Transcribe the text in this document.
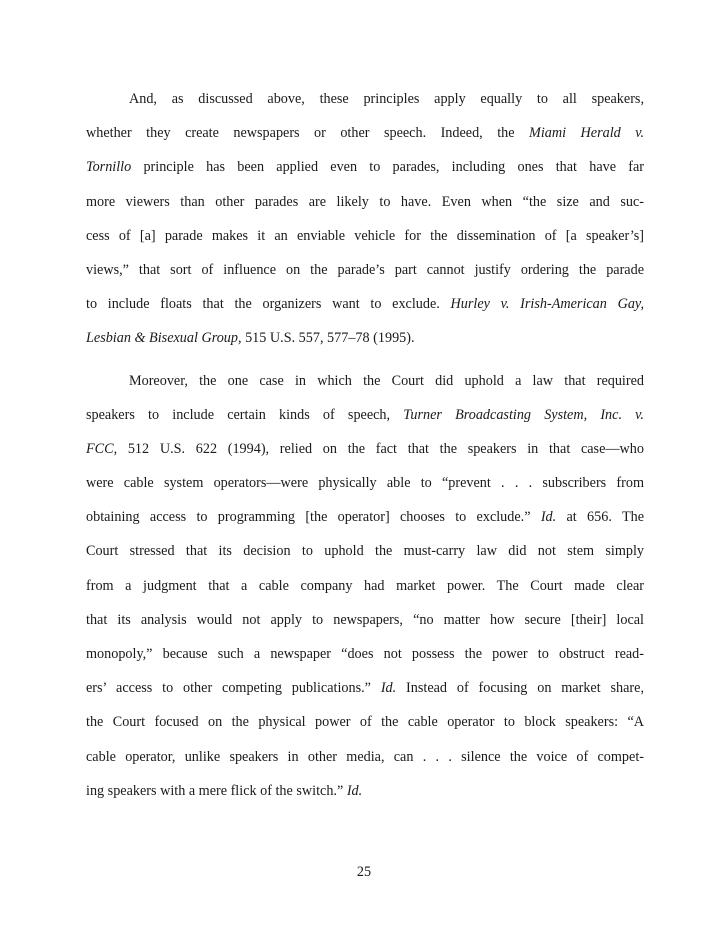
And, as discussed above, these principles apply equally to all speakers,
whether they create newspapers or other speech. Indeed, the Miami Herald v.
Tornillo principle has been applied even to parades, including ones that have far
more viewers than other parades are likely to have. Even when “the size and suc-
cess of [a] parade makes it an enviable vehicle for the dissemination of [a speaker’s]
views,” that sort of influence on the parade’s part cannot justify ordering the parade
to include floats that the organizers want to exclude. Hurley v. Irish-American Gay,
Lesbian & Bisexual Group, 515 U.S. 557, 577–78 (1995).
Moreover, the one case in which the Court did uphold a law that required
speakers to include certain kinds of speech, Turner Broadcasting System, Inc. v.
FCC, 512 U.S. 622 (1994), relied on the fact that the speakers in that case—who
were cable system operators—were physically able to “prevent . . . subscribers from
obtaining access to programming [the operator] chooses to exclude.” Id. at 656. The
Court stressed that its decision to uphold the must-carry law did not stem simply
from a judgment that a cable company had market power. The Court made clear
that its analysis would not apply to newspapers, “no matter how secure [their] local
monopoly,” because such a newspaper “does not possess the power to obstruct read-
ers’ access to other competing publications.” Id. Instead of focusing on market share,
the Court focused on the physical power of the cable operator to block speakers: “A
cable operator, unlike speakers in other media, can . . . silence the voice of compet-
ing speakers with a mere flick of the switch.” Id.
25
